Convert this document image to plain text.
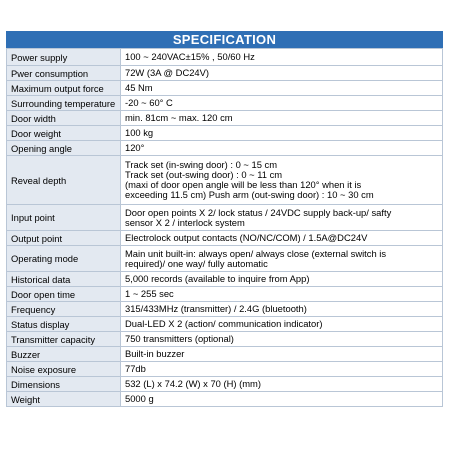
SPECIFICATION
Power supply	100 ~ 240VAC±15% , 50/60 Hz

Pwer consumption	72W (3A @ DC24V)

Maximum output force	45 Nm

Surrounding temperature	-20 ~ 60° C

Door width	min. 81cm ~ max. 120 cm

Door weight	100 kg

Opening angle	120°

Reveal depth	Track set (in-swing door) : 0 ~ 15 cm
Track set (out-swing door) : 0 ~ 11 cm
(maxi of door open angle will be less than 120° when it is
exceeding 11.5 cm) Push arm (out-swing door) : 10 ~ 30 cm

Input point	Door open points X 2/ lock status / 24VDC supply back-up/ safty
sensor X 2 / interlock system

Output point	Electrolock output contacts (NO/NC/COM) / 1.5A@DC24V

Operating mode	Main unit built-in: always open/ always close (external switch is
required)/ one way/ fully automatic

Historical data	5,000 records (available to inquire from App)

Door open time	1 ~ 255 sec

Frequency	315/433MHz (transmitter) / 2.4G (bluetooth)

Status display	Dual-LED X 2 (action/ communication indicator)

Transmitter capacity	750 transmitters (optional)

Buzzer	Built-in buzzer

Noise exposure	77db

Dimensions	532 (L) x 74.2 (W) x 70 (H) (mm)

Weight	5000 g
